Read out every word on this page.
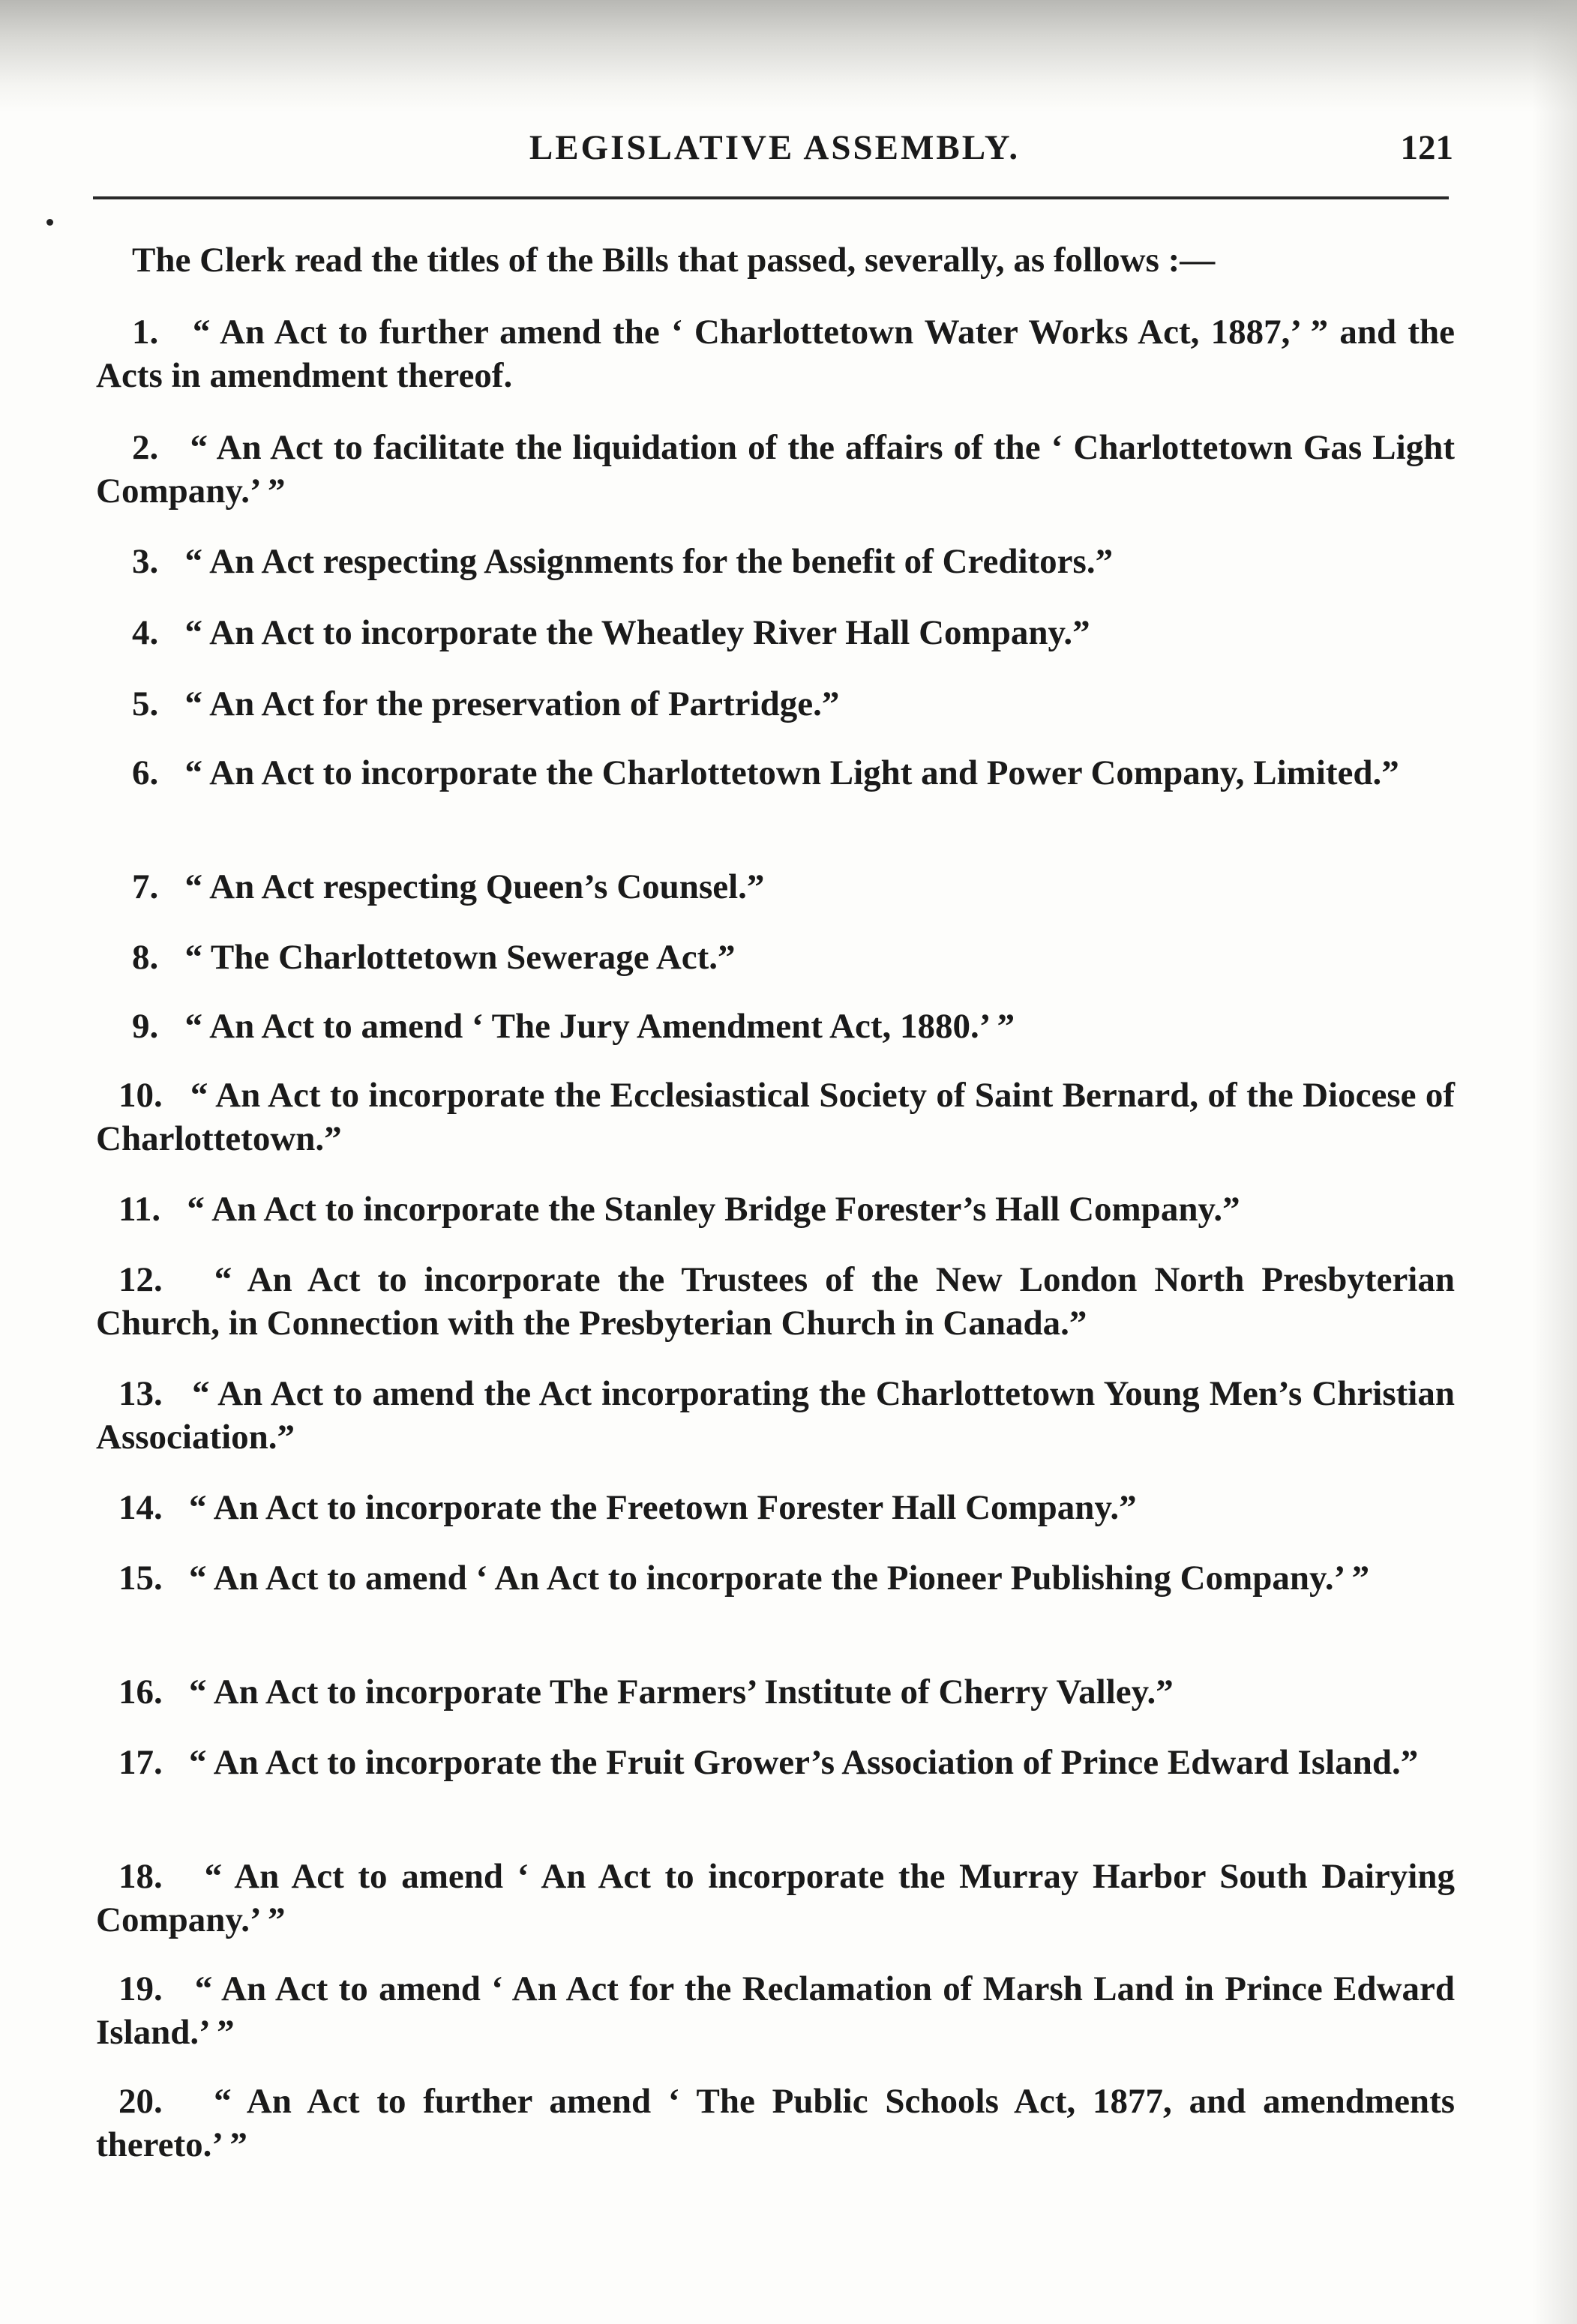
LEGISLATIVE ASSEMBLY.	121

The Clerk read the titles of the Bills that passed, severally, as follows :—

1. “ An Act to further amend the ‘ Charlottetown Water Works Act, 1887,’ ” and the Acts in amendment thereof.

2. “ An Act to facilitate the liquidation of the affairs of the ‘ Charlottetown Gas Light Company.’ ”

3. “ An Act respecting Assignments for the benefit of Creditors.”

4. “ An Act to incorporate the Wheatley River Hall Company.”

5. “ An Act for the preservation of Partridge.”

6. “ An Act to incorporate the Charlottetown Light and Power Company, Limited.”

7. “ An Act respecting Queen’s Counsel.”

8. “ The Charlottetown Sewerage Act.”

9. “ An Act to amend ‘ The Jury Amendment Act, 1880.’ ”

10. “ An Act to incorporate the Ecclesiastical Society of Saint Bernard, of the Diocese of Charlottetown.”

11. “ An Act to incorporate the Stanley Bridge Forester’s Hall Company.”

12. “ An Act to incorporate the Trustees of the New London North Presbyterian Church, in Connection with the Presbyterian Church in Canada.”

13. “ An Act to amend the Act incorporating the Charlottetown Young Men’s Christian Association.”

14. “ An Act to incorporate the Freetown Forester Hall Company.”

15. “ An Act to amend ‘ An Act to incorporate the Pioneer Publishing Company.’ ”

16. “ An Act to incorporate The Farmers’ Institute of Cherry Valley.”

17. “ An Act to incorporate the Fruit Grower’s Association of Prince Edward Island.”

18. “ An Act to amend ‘ An Act to incorporate the Murray Harbor South Dairying Company.’ ”

19. “ An Act to amend ‘ An Act for the Reclamation of Marsh Land in Prince Edward Island.’ ”

20. “ An Act to further amend ‘ The Public Schools Act, 1877, and amendments thereto.’ ”
